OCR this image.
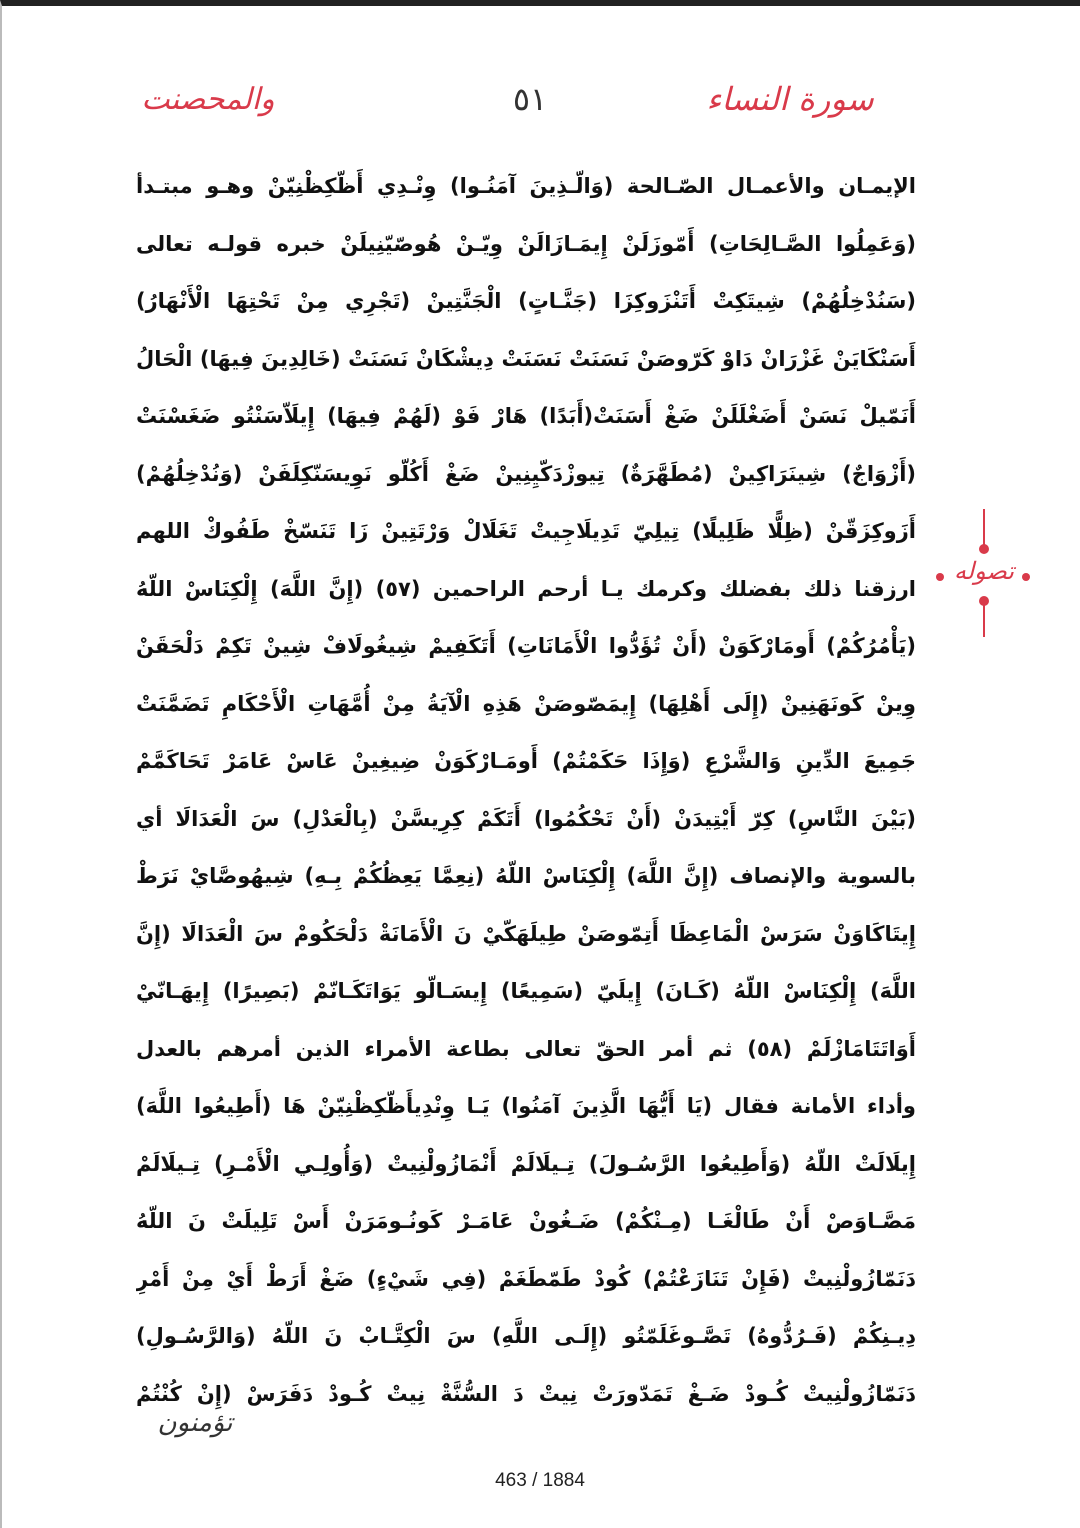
والمحصنت	٥١	سورة النساء
الإيمـان والأعمـال الصّـالحة (وَالّـذِينَ آمَنُـوا) وِنْـدِي أَظّكِظْنِيّنْ وهـو مبتـدأ
(وَعَمِلُوا الصَّـالِحَاتِ) أَمّوزَلَنْ إِيمَـازَالَنْ وِيّـنْ هُوصّيّنِيلَنْ خبره قولـه تعالى
(سَنُدْخِلُهُمْ) شِيتَكِتْ أَتَنْزَوكِزَا (جَنَّـاتٍ) الْجَنَّتِينْ (تَجْرِي مِنْ تَحْتِهَا الْأَنْهَارُ)
أَسَنْكَايَنْ غَزْرَانْ دَاوْ كَرّوصَنْ نَسَنَتْ نَسَنَتْ دِيشْكَانْ نَسَنَتْ (خَالِدِينَ فِيهَا) الْحَالُ
أَنَمّيلْ نَسَنْ أَضَغْلَلَنْ ضَغْ أَسَنَتْ(أَبَدًا) هَارْ فَوْ (لَهُمْ فِيهَا) إِيلَاّسَنْتُو ضَغَسْنَتْ
(أَزْوَاجٌ) شِينَرَاكِينْ (مُطَهَّرَةٌ) تِيوزْدَكّيِنِينْ ضَغْ أَكُلّو نَوِيسَنّكِلَفَنْ (وَنُدْخِلُهُمْ)
أَزَوكِزَقّنْ (ظِلًّا ظَلِيلًا) تِيلِيّ تَدِيلَاجِيتْ تَغَلَالْ وَرْتَتِينْ زَا تَنَسّخْ طَفُوكْ اللهم
ارزقنا ذلك بفضلك وكرمك يـا أرحم الراحمين (٥٧) (إِنَّ اللَّهَ) إِلْكِنَاسْ اللّهُ
(يَأْمُرُكُمْ) أَومَارْكَوَنْ (أَنْ تُؤَدُّوا الْأَمَانَاتِ) أَتَكَفِيمْ شِيغُولَافْ شِينْ تَكِمْ دَلْحَقَنْ
وِينْ كَونَهَنِينْ (إِلَى أَهْلِهَا) إِيمَصّوصَنْ هَذِهِ الْآيَةُ مِنْ أُمَّهَاتِ الْأَحْكَامِ تَضَمَّنَتْ
جَمِيعَ الدِّينِ وَالشَّرْعِ (وَإِذَا حَكَمْتُمْ) أَومَـارْكَوَنْ ضِيغِينْ عَاسْ عَامَرْ تَحَاكَمَّمْ
(بَيْنَ النَّاسِ) كِرّ أَيْتِيدَنْ (أَنْ تَحْكُمُوا) أَتَكَمْ كِرِيسَّنْ (بِالْعَدْلِ) سَ الْعَدَالَا أي
بالسوية والإنصاف (إِنَّ اللَّهَ) إِلْكِنَاسْ اللّهُ (نِعِمَّا يَعِظُكُمْ بِـهِ) شِيهُوصَّايْ نَرَطْ
إِيتَاكَاوَنْ سَرَسْ الْمَاعِظَا أَتِمّوصَنْ طِيلَهَكّيْ نَ الْأَمَانَةْ دَلْحَكُومْ سَ الْعَدَالَا (إِنَّ
اللَّهَ) إِلْكِنَاسْ اللّهُ (كَـانَ) إِيلَيّ (سَمِيعًا) إِيسَـالّو يَوَاتَكَـانّمْ (بَصِيرًا) إِيهَـانّيْ
أَوَاتَتَامَازْلَمْ (٥٨) ثم أمر الحقّ تعالى بطاعة الأمراء الذين أمرهم بالعدل
وأداء الأمانة فقال (يَا أَيُّهَا الَّذِينَ آمَنُوا) يَـا وِنْدِيأَظّكِظْنِيّنْ هَا (أَطِيعُوا اللَّهَ)
إِيلَالَتْ اللّهُ (وَأَطِيعُوا الرَّسُـولَ) تِـيلَالَمْ أَنْمَازُولْنِيتْ (وَأُولِـي الْأَمْـرِ) تِـيلَالَمْ
مَصَّـاوَصْ أَنْ طَالْغَـا (مِـنْكُمْ) ضَـغُونْ عَامَـرْ كَونُـومَرَنْ أَسْ تَلِيلَتْ نَ اللّهُ
دَنَمّازُولْنِيتْ (فَإِنْ تَنَازَعْتُمْ) كُودْ طَمّطَغَمْ (فِي شَيْءٍ) ضَغْ أَرَطْ أَيْ مِنْ أَمْرِ
دِيـنِكُمْ (فَـرُدُّوهُ) تَصَّـوغَلَمّتُو (إِلَـى اللَّهِ) سَ الْكِتَّـابْ نَ اللّهُ (وَالرَّسُـولِ)
دَنَمّازُولْنِيتْ كُـودْ ضَـغْ تَمَدّورَتْ نِيتْ دَ السُّنَّةْ نِيتْ كُـودْ دَفَرَسْ (إِنْ كُنْتُمْ
تصوله
تؤمنون
463 / 1884
